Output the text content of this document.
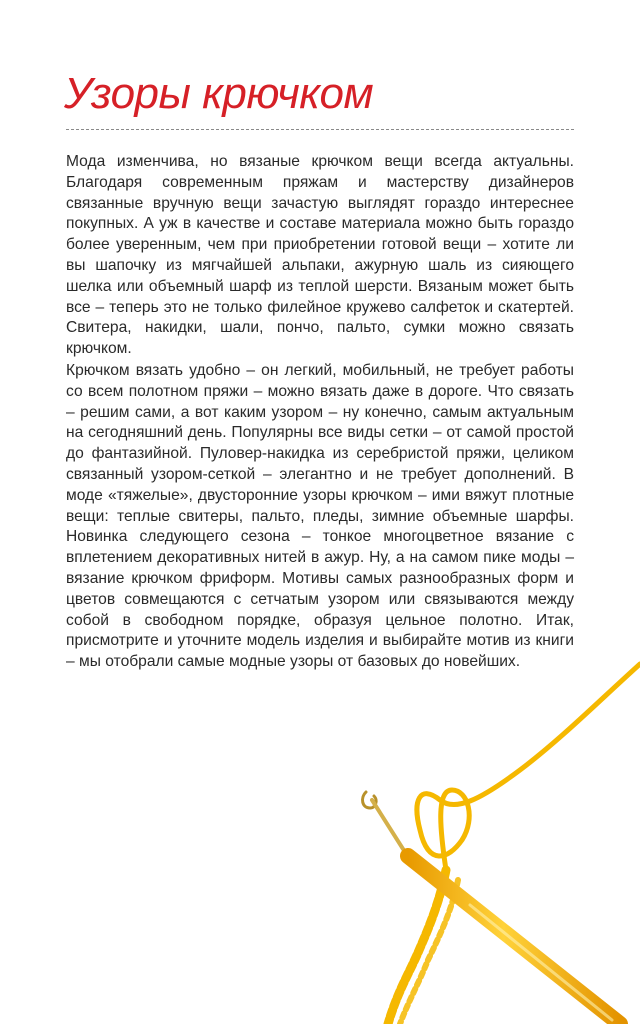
Узоры крючком

Мода изменчива, но вязаные крючком вещи всегда актуальны. Благодаря современным пряжам и мастерству дизайнеров связанные вручную вещи зачастую выглядят гораздо интереснее покупных. А уж в качестве и составе материала можно быть гораздо более уверенным, чем при приобретении готовой вещи – хотите ли вы шапочку из мягчайшей альпаки, ажурную шаль из сияющего шелка или объемный шарф из теплой шерсти. Вязаным может быть все – теперь это не только филейное кружево салфеток и скатертей. Свитера, накидки, шали, пончо, пальто, сумки можно связать крючком.

Крючком вязать удобно – он легкий, мобильный, не требует работы со всем полотном пряжи – можно вязать даже в дороге. Что связать – решим сами, а вот каким узором – ну конечно, самым актуальным на сегодняшний день. Популярны все виды сетки – от самой простой до фантазийной. Пуловер-накидка из серебристой пряжи, целиком связанный узором-сеткой – элегантно и не требует дополнений. В моде «тяжелые», двусторонние узоры крючком – ими вяжут плотные вещи: теплые свитеры, пальто, пледы, зимние объемные шарфы. Новинка следующего сезона – тонкое многоцветное вязание с вплетением декоративных нитей в ажур. Ну, а на самом пике моды – вязание крючком фриформ. Мотивы самых разнообразных форм и цветов совмещаются с сетчатым узором или связываются между собой в свободном порядке, образуя цельное полотно. Итак, присмотрите и уточните модель изделия и выбирайте мотив из книги – мы отобрали самые модные узоры от базовых до новейших.
